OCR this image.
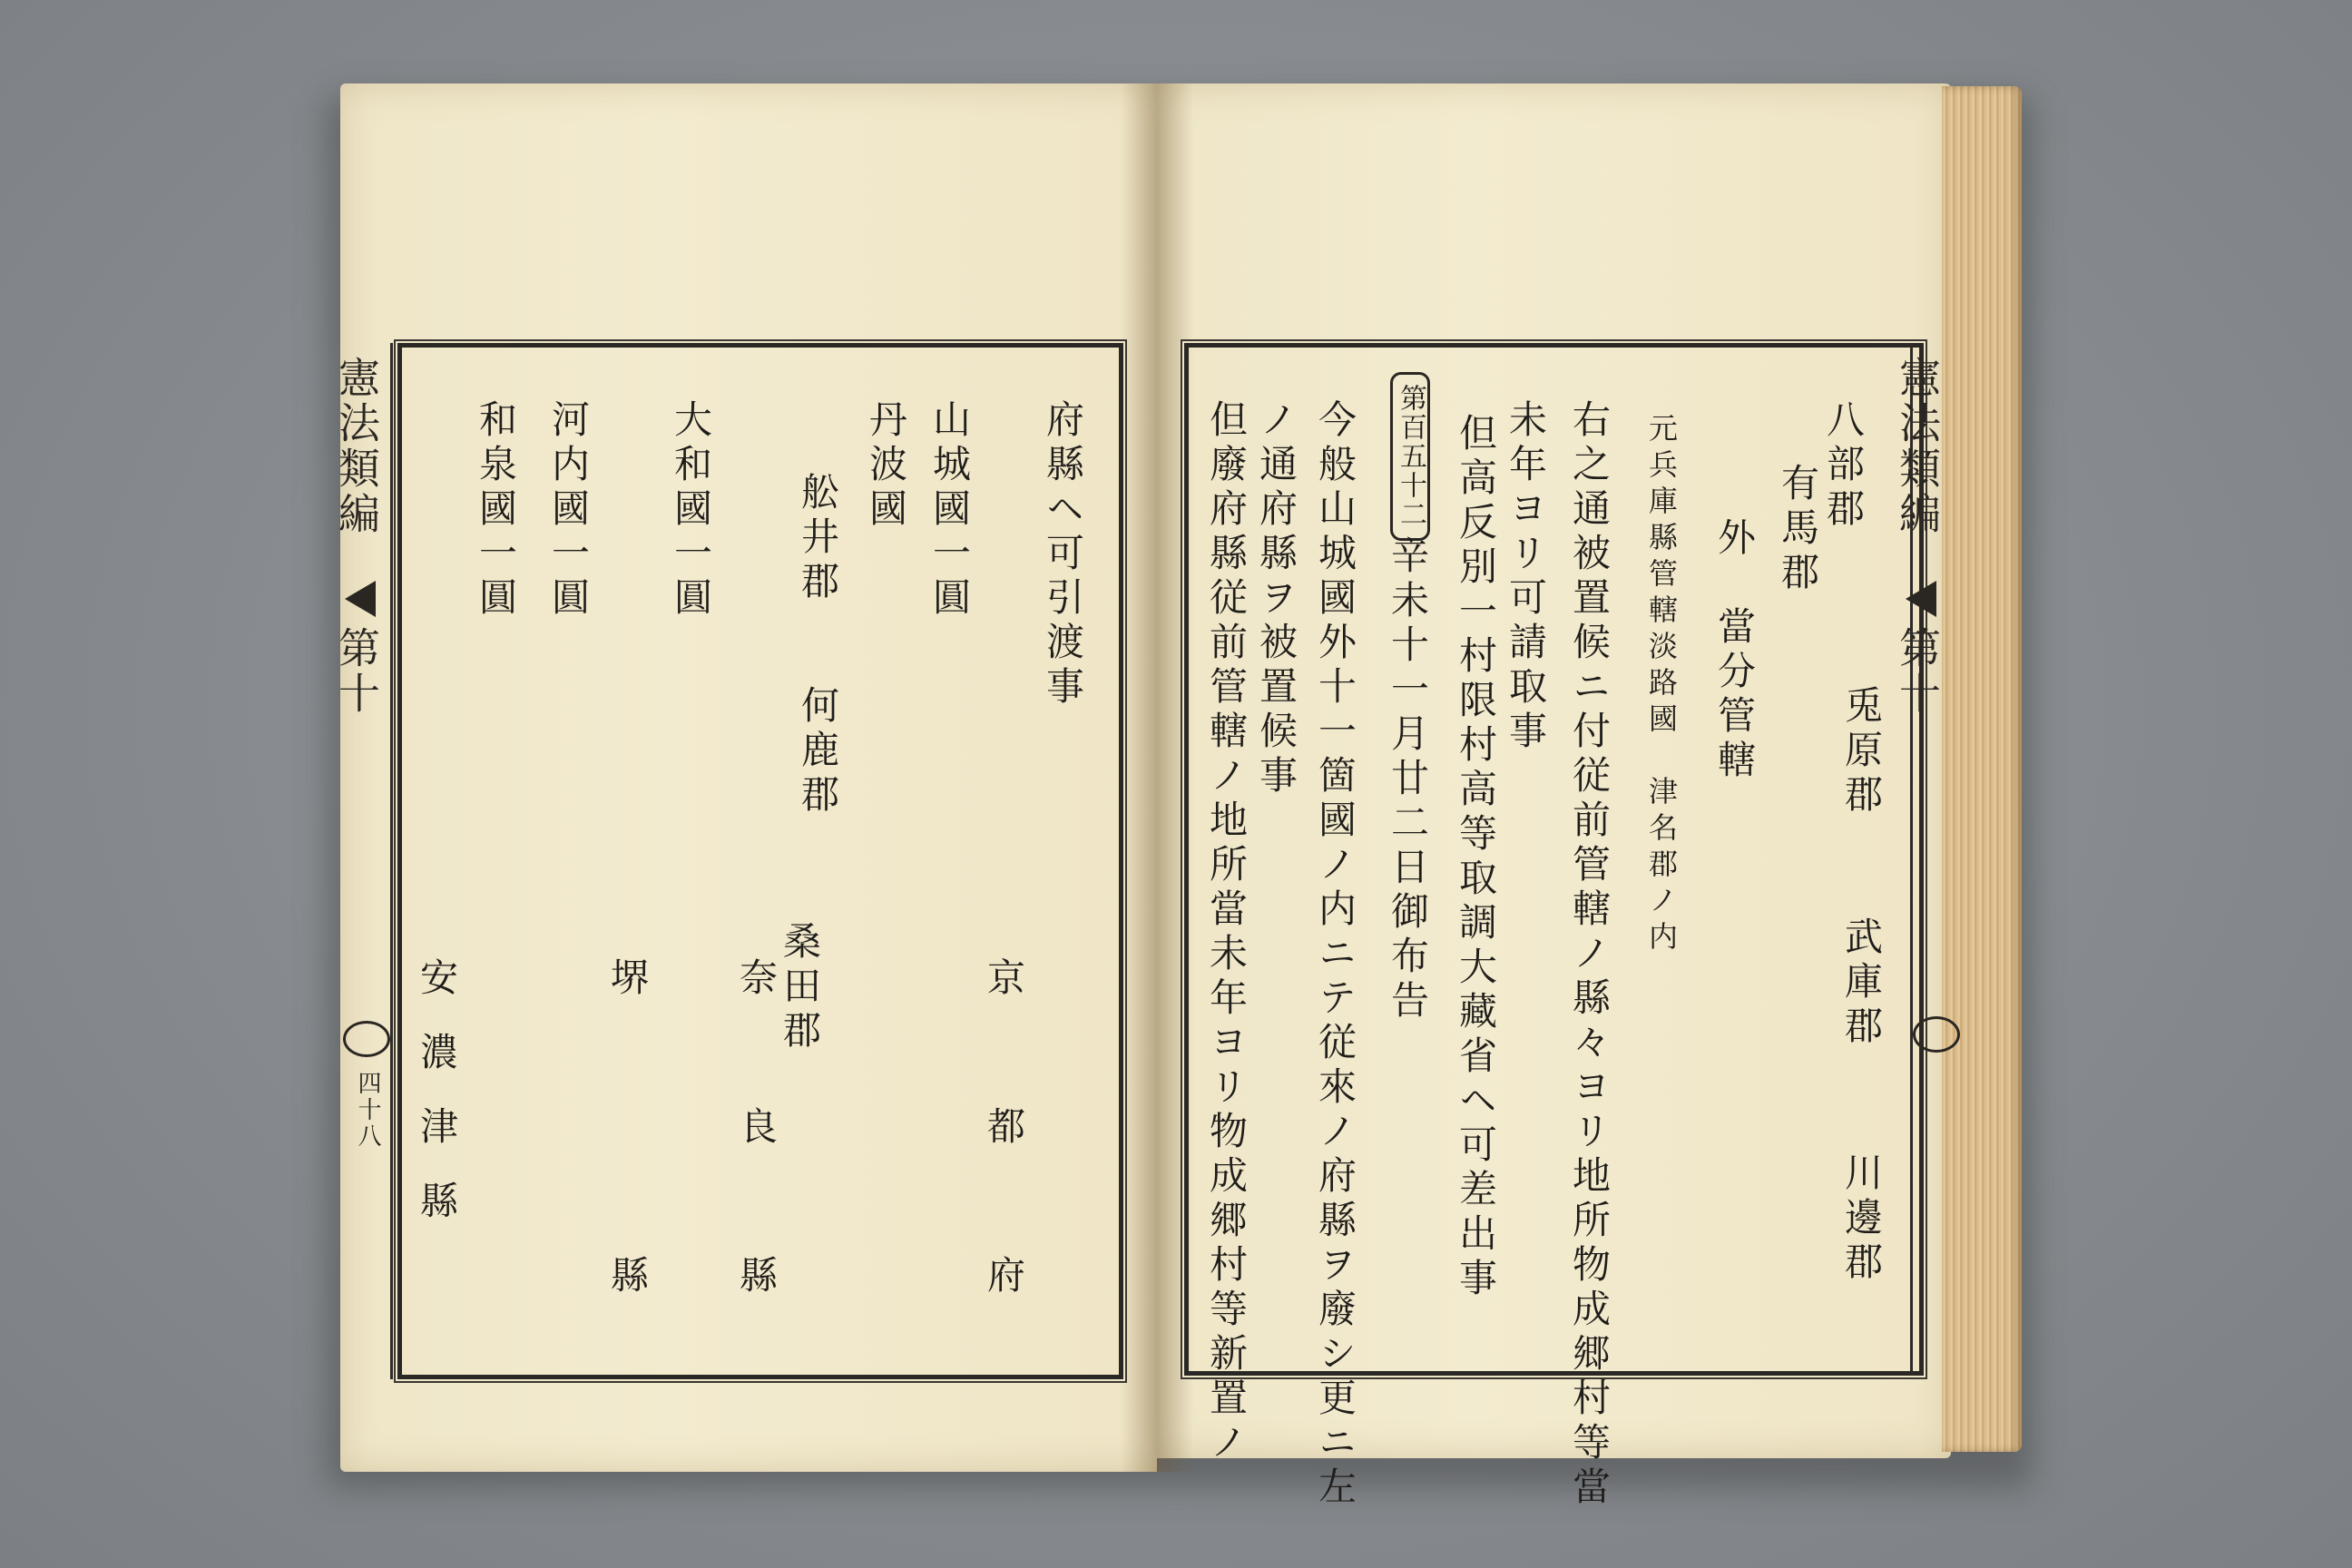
憲法類編
第十
四十八
府縣ヘ可引渡事
山城國一圓
京　都　府
丹波國
桑田郡
何鹿郡
舩井郡
大和國一圓
奈　良　縣
河内國一圓
堺　　　縣
和泉國一圓
安濃津縣
憲法類編
第十
八部郡
兎原郡
武庫郡
川邊郡
有馬郡
外　當分管轄
元兵庫縣管轄淡路國　津名郡ノ内
右之通被置候ニ付従前管轄ノ縣々ヨリ地所物成郷村等當
未年ヨリ可請取事
但高反別一村限村高等取調大藏省ヘ可差出事
第百五十二
辛未十一月廿二日御布告
今般山城國外十一箇國ノ内ニテ従來ノ府縣ヲ廢シ更ニ左
ノ通府縣ヲ被置候事
但廢府縣従前管轄ノ地所當未年ヨリ物成郷村等新置ノ
